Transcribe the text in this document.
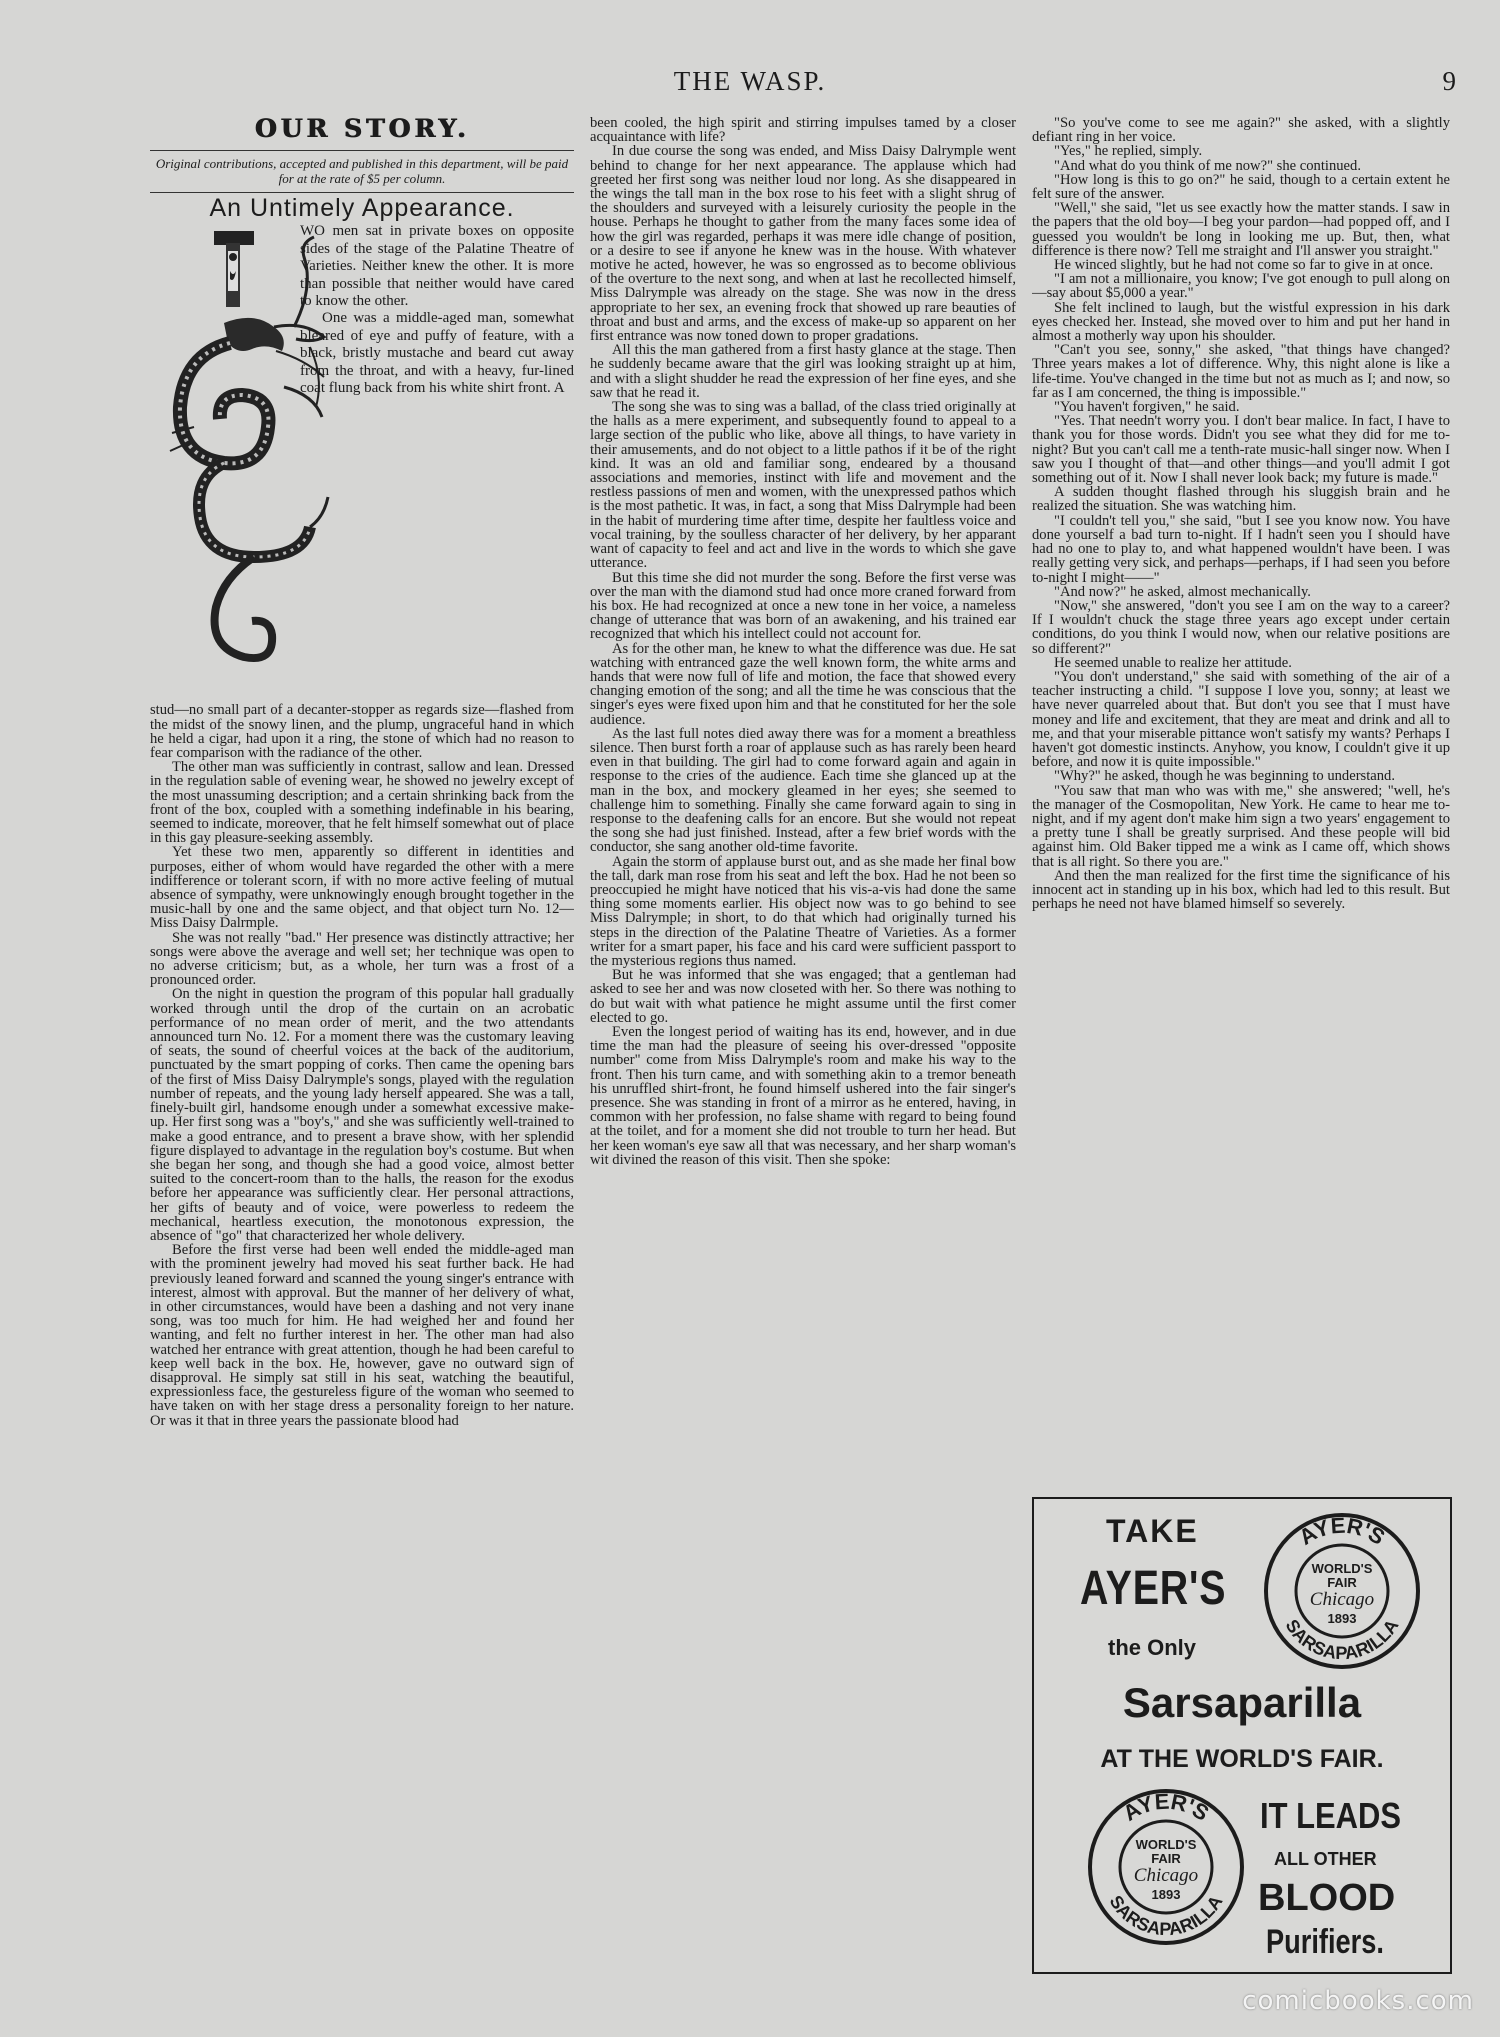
THE WASP.	9
OUR STORY.
Original contributions, accepted and published in this department, will be paid for at the rate of $5 per column.
An Untimely Appearance.

WO men sat in private boxes on opposite sides of the stage of the Palatine Theatre of Varieties. Neither knew the other. It is more than possible that neither would have cared to know the other.

One was a middle-aged man, somewhat bleared of eye and puffy of feature, with a black, bristly mustache and beard cut away from the throat, and with a heavy, fur-lined coat flung back from his white shirt front. A

stud—no small part of a decanter-stopper as regards size—flashed from the midst of the snowy linen, and the plump, ungraceful hand in which he held a cigar, had upon it a ring, the stone of which had no reason to fear comparison with the radiance of the other.

The other man was sufficiently in contrast, sallow and lean. Dressed in the regulation sable of evening wear, he showed no jewelry except of the most unassuming description; and a certain shrinking back from the front of the box, coupled with a something indefinable in his bearing, seemed to indicate, moreover, that he felt himself somewhat out of place in this gay pleasure-seeking assembly.

Yet these two men, apparently so different in identities and purposes, either of whom would have regarded the other with a mere indifference or tolerant scorn, if with no more active feeling of mutual absence of sympathy, were unknowingly enough brought together in the music-hall by one and the same object, and that object turn No. 12—Miss Daisy Dalrmple.

She was not really "bad." Her presence was distinctly attractive; her songs were above the average and well set; her technique was open to no adverse criticism; but, as a whole, her turn was a frost of a pronounced order.

On the night in question the program of this popular hall gradually worked through until the drop of the curtain on an acrobatic performance of no mean order of merit, and the two attendants announced turn No. 12. For a moment there was the customary leaving of seats, the sound of cheerful voices at the back of the auditorium, punctuated by the smart popping of corks. Then came the opening bars of the first of Miss Daisy Dalrymple's songs, played with the regulation number of repeats, and the young lady herself appeared. She was a tall, finely-built girl, handsome enough under a somewhat excessive make-up. Her first song was a "boy's," and she was sufficiently well-trained to make a good entrance, and to present a brave show, with her splendid figure displayed to advantage in the regulation boy's costume. But when she began her song, and though she had a good voice, almost better suited to the concert-room than to the halls, the reason for the exodus before her appearance was sufficiently clear. Her personal attractions, her gifts of beauty and of voice, were powerless to redeem the mechanical, heartless execution, the monotonous expression, the absence of "go" that characterized her whole delivery.

Before the first verse had been well ended the middle-aged man with the prominent jewelry had moved his seat further back. He had previously leaned forward and scanned the young singer's entrance with interest, almost with approval. But the manner of her delivery of what, in other circumstances, would have been a dashing and not very inane song, was too much for him. He had weighed her and found her wanting, and felt no further interest in her. The other man had also watched her entrance with great attention, though he had been careful to keep well back in the box. He, however, gave no outward sign of disapproval. He simply sat still in his seat, watching the beautiful, expressionless face, the gestureless figure of the woman who seemed to have taken on with her stage dress a personality foreign to her nature. Or was it that in three years the passionate blood had

been cooled, the high spirit and stirring impulses tamed by a closer acquaintance with life?

In due course the song was ended, and Miss Daisy Dalrymple went behind to change for her next appearance. The applause which had greeted her first song was neither loud nor long. As she disappeared in the wings the tall man in the box rose to his feet with a slight shrug of the shoulders and surveyed with a leisurely curiosity the people in the house. Perhaps he thought to gather from the many faces some idea of how the girl was regarded, perhaps it was mere idle change of position, or a desire to see if anyone he knew was in the house. With whatever motive he acted, however, he was so engrossed as to become oblivious of the overture to the next song, and when at last he recollected himself, Miss Dalrymple was already on the stage. She was now in the dress appropriate to her sex, an evening frock that showed up rare beauties of throat and bust and arms, and the excess of make-up so apparent on her first entrance was now toned down to proper gradations.

All this the man gathered from a first hasty glance at the stage. Then he suddenly became aware that the girl was looking straight up at him, and with a slight shudder he read the expression of her fine eyes, and she saw that he read it.

The song she was to sing was a ballad, of the class tried originally at the halls as a mere experiment, and subsequently found to appeal to a large section of the public who like, above all things, to have variety in their amusements, and do not object to a little pathos if it be of the right kind. It was an old and familiar song, endeared by a thousand associations and memories, instinct with life and movement and the restless passions of men and women, with the unexpressed pathos which is the most pathetic. It was, in fact, a song that Miss Dalrymple had been in the habit of murdering time after time, despite her faultless voice and vocal training, by the soulless character of her delivery, by her apparant want of capacity to feel and act and live in the words to which she gave utterance.

But this time she did not murder the song. Before the first verse was over the man with the diamond stud had once more craned forward from his box. He had recognized at once a new tone in her voice, a nameless change of utterance that was born of an awakening, and his trained ear recognized that which his intellect could not account for.

As for the other man, he knew to what the difference was due. He sat watching with entranced gaze the well known form, the white arms and hands that were now full of life and motion, the face that showed every changing emotion of the song; and all the time he was conscious that the singer's eyes were fixed upon him and that he constituted for her the sole audience.

As the last full notes died away there was for a moment a breathless silence. Then burst forth a roar of applause such as has rarely been heard even in that building. The girl had to come forward again and again in response to the cries of the audience. Each time she glanced up at the man in the box, and mockery gleamed in her eyes; she seemed to challenge him to something. Finally she came forward again to sing in response to the deafening calls for an encore. But she would not repeat the song she had just finished. Instead, after a few brief words with the conductor, she sang another old-time favorite.

Again the storm of applause burst out, and as she made her final bow the tall, dark man rose from his seat and left the box. Had he not been so preoccupied he might have noticed that his vis-a-vis had done the same thing some moments earlier. His object now was to go behind to see Miss Dalrymple; in short, to do that which had originally turned his steps in the direction of the Palatine Theatre of Varieties. As a former writer for a smart paper, his face and his card were sufficient passport to the mysterious regions thus named.

But he was informed that she was engaged; that a gentleman had asked to see her and was now closeted with her. So there was nothing to do but wait with what patience he might assume until the first comer elected to go.

Even the longest period of waiting has its end, however, and in due time the man had the pleasure of seeing his over-dressed "opposite number" come from Miss Dalrymple's room and make his way to the front. Then his turn came, and with something akin to a tremor beneath his unruffled shirt-front, he found himself ushered into the fair singer's presence. She was standing in front of a mirror as he entered, having, in common with her profession, no false shame with regard to being found at the toilet, and for a moment she did not trouble to turn her head. But her keen woman's eye saw all that was necessary, and her sharp woman's wit divined the reason of this visit. Then she spoke:

"So you've come to see me again?" she asked, with a slightly defiant ring in her voice.

"Yes," he replied, simply.

"And what do you think of me now?" she continued.

"How long is this to go on?" he said, though to a certain extent he felt sure of the answer.

"Well," she said, "let us see exactly how the matter stands. I saw in the papers that the old boy—I beg your pardon—had popped off, and I guessed you wouldn't be long in looking me up. But, then, what difference is there now? Tell me straight and I'll answer you straight."

He winced slightly, but he had not come so far to give in at once.

"I am not a millionaire, you know; I've got enough to pull along on—say about $5,000 a year."

She felt inclined to laugh, but the wistful expression in his dark eyes checked her. Instead, she moved over to him and put her hand in almost a motherly way upon his shoulder.

"Can't you see, sonny," she asked, "that things have changed? Three years makes a lot of difference. Why, this night alone is like a life-time. You've changed in the time but not as much as I; and now, so far as I am concerned, the thing is impossible."

"You haven't forgiven," he said.

"Yes. That needn't worry you. I don't bear malice. In fact, I have to thank you for those words. Didn't you see what they did for me to-night? But you can't call me a tenth-rate music-hall singer now. When I saw you I thought of that—and other things—and you'll admit I got something out of it. Now I shall never look back; my future is made."

A sudden thought flashed through his sluggish brain and he realized the situation. She was watching him.

"I couldn't tell you," she said, "but I see you know now. You have done yourself a bad turn to-night. If I hadn't seen you I should have had no one to play to, and what happened wouldn't have been. I was really getting very sick, and perhaps—perhaps, if I had seen you before to-night I might——"

"And now?" he asked, almost mechanically.

"Now," she answered, "don't you see I am on the way to a career? If I wouldn't chuck the stage three years ago except under certain conditions, do you think I would now, when our relative positions are so different?"

He seemed unable to realize her attitude.

"You don't understand," she said with something of the air of a teacher instructing a child. "I suppose I love you, sonny; at least we have never quarreled about that. But don't you see that I must have money and life and excitement, that they are meat and drink and all to me, and that your miserable pittance won't satisfy my wants? Perhaps I haven't got domestic instincts. Anyhow, you know, I couldn't give it up before, and now it is quite impossible."

"Why?" he asked, though he was beginning to understand.

"You saw that man who was with me," she answered; "well, he's the manager of the Cosmopolitan, New York. He came to hear me to-night, and if my agent don't make him sign a two years' engagement to a pretty tune I shall be greatly surprised. And these people will bid against him. Old Baker tipped me a wink as I came off, which shows that is all right. So there you are."

And then the man realized for the first time the significance of his innocent act in standing up in his box, which had led to this result. But perhaps he need not have blamed himself so severely.

TAKE
AYER'S
the Only
AYER'S
SARSAPARILLA
WORLD'S
FAIR
Chicago
1893
Sarsaparilla
AT THE WORLD'S FAIR.
AYER'S
SARSAPARILLA
WORLD'S
FAIR
Chicago
1893
IT LEADS
ALL OTHER
BLOOD
Purifiers.
comicbooks.com
